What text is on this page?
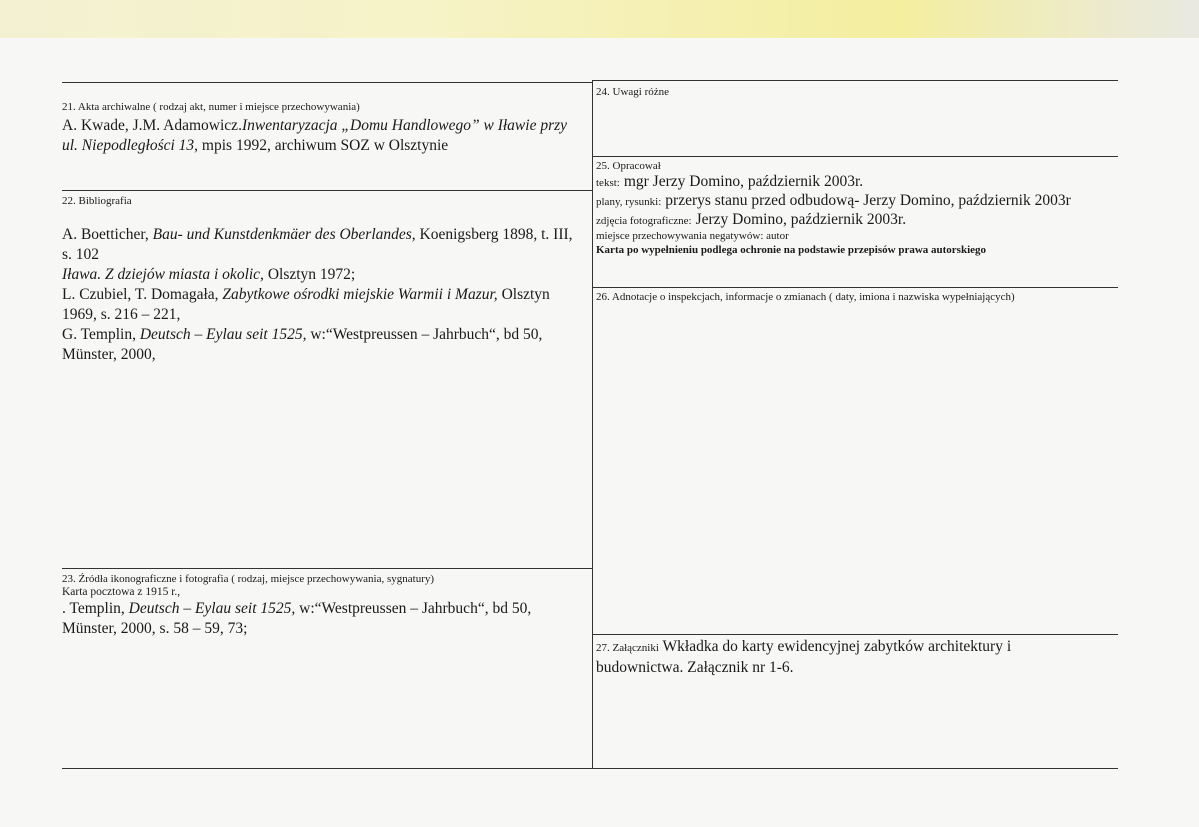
21. Akta archiwalne ( rodzaj akt, numer i miejsce przechowywania)
A. Kwade, J.M. Adamowicz.Inwentaryzacja „Domu Handlowego” w Iławie przy ul. Niepodległości 13, mpis 1992, archiwum SOZ w Olsztynie
22. Bibliografia
A. Boetticher, Bau- und Kunstdenkmäer des Oberlandes, Koenigsberg 1898, t. III, s. 102
Iława. Z dziejów miasta i okolic, Olsztyn 1972;
L. Czubiel, T. Domagała, Zabytkowe ośrodki miejskie Warmii i Mazur, Olsztyn 1969, s. 216 – 221,
G. Templin, Deutsch – Eylau seit 1525, w:“Westpreussen – Jahrbuch“, bd 50, Münster, 2000,
23. Źródła ikonograficzne i fotografia ( rodzaj, miejsce przechowywania, sygnatury)
Karta pocztowa z 1915 r.,
. Templin, Deutsch – Eylau seit 1525, w:“Westpreussen – Jahrbuch“, bd 50, Münster, 2000, s. 58 – 59, 73;
24. Uwagi różne
25. Opracował
tekst: mgr Jerzy Domino, październik 2003r.
plany, rysunki: przerys stanu przed odbudową- Jerzy Domino, październik 2003r
zdjęcia fotograficzne: Jerzy Domino, październik 2003r.
miejsce przechowywania negatywów: autor
Karta po wypełnieniu podlega ochronie na podstawie przepisów prawa autorskiego
26. Adnotacje o inspekcjach, informacje o zmianach ( daty, imiona i nazwiska wypełniających)
27. Załączniki Wkładka do karty ewidencyjnej zabytków architektury i budownictwa. Załącznik nr 1-6.
